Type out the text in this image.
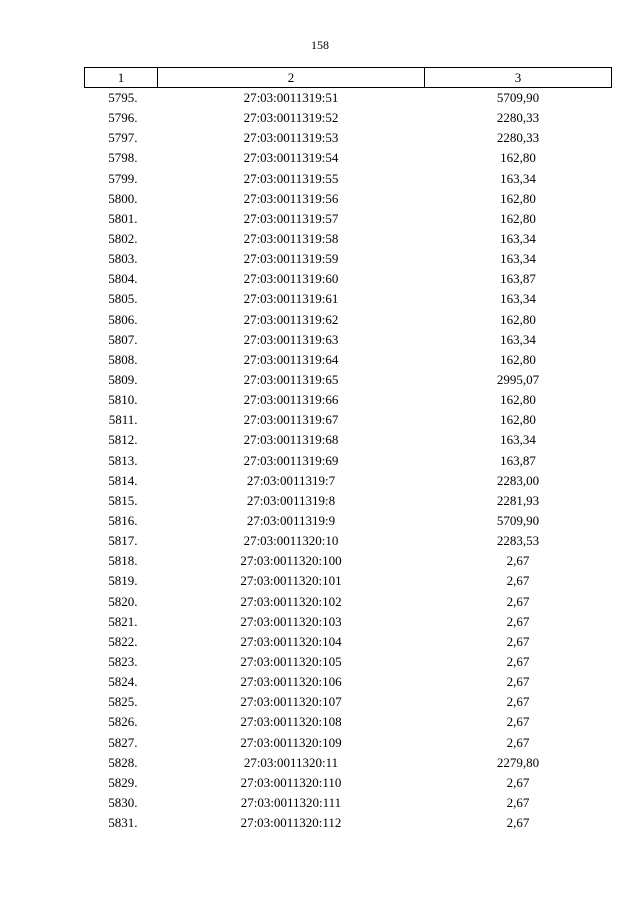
158
1	2	3
5795.	27:03:0011319:51	5709,90
5796.	27:03:0011319:52	2280,33
5797.	27:03:0011319:53	2280,33
5798.	27:03:0011319:54	162,80
5799.	27:03:0011319:55	163,34
5800.	27:03:0011319:56	162,80
5801.	27:03:0011319:57	162,80
5802.	27:03:0011319:58	163,34
5803.	27:03:0011319:59	163,34
5804.	27:03:0011319:60	163,87
5805.	27:03:0011319:61	163,34
5806.	27:03:0011319:62	162,80
5807.	27:03:0011319:63	163,34
5808.	27:03:0011319:64	162,80
5809.	27:03:0011319:65	2995,07
5810.	27:03:0011319:66	162,80
5811.	27:03:0011319:67	162,80
5812.	27:03:0011319:68	163,34
5813.	27:03:0011319:69	163,87
5814.	27:03:0011319:7	2283,00
5815.	27:03:0011319:8	2281,93
5816.	27:03:0011319:9	5709,90
5817.	27:03:0011320:10	2283,53
5818.	27:03:0011320:100	2,67
5819.	27:03:0011320:101	2,67
5820.	27:03:0011320:102	2,67
5821.	27:03:0011320:103	2,67
5822.	27:03:0011320:104	2,67
5823.	27:03:0011320:105	2,67
5824.	27:03:0011320:106	2,67
5825.	27:03:0011320:107	2,67
5826.	27:03:0011320:108	2,67
5827.	27:03:0011320:109	2,67
5828.	27:03:0011320:11	2279,80
5829.	27:03:0011320:110	2,67
5830.	27:03:0011320:111	2,67
5831.	27:03:0011320:112	2,67
